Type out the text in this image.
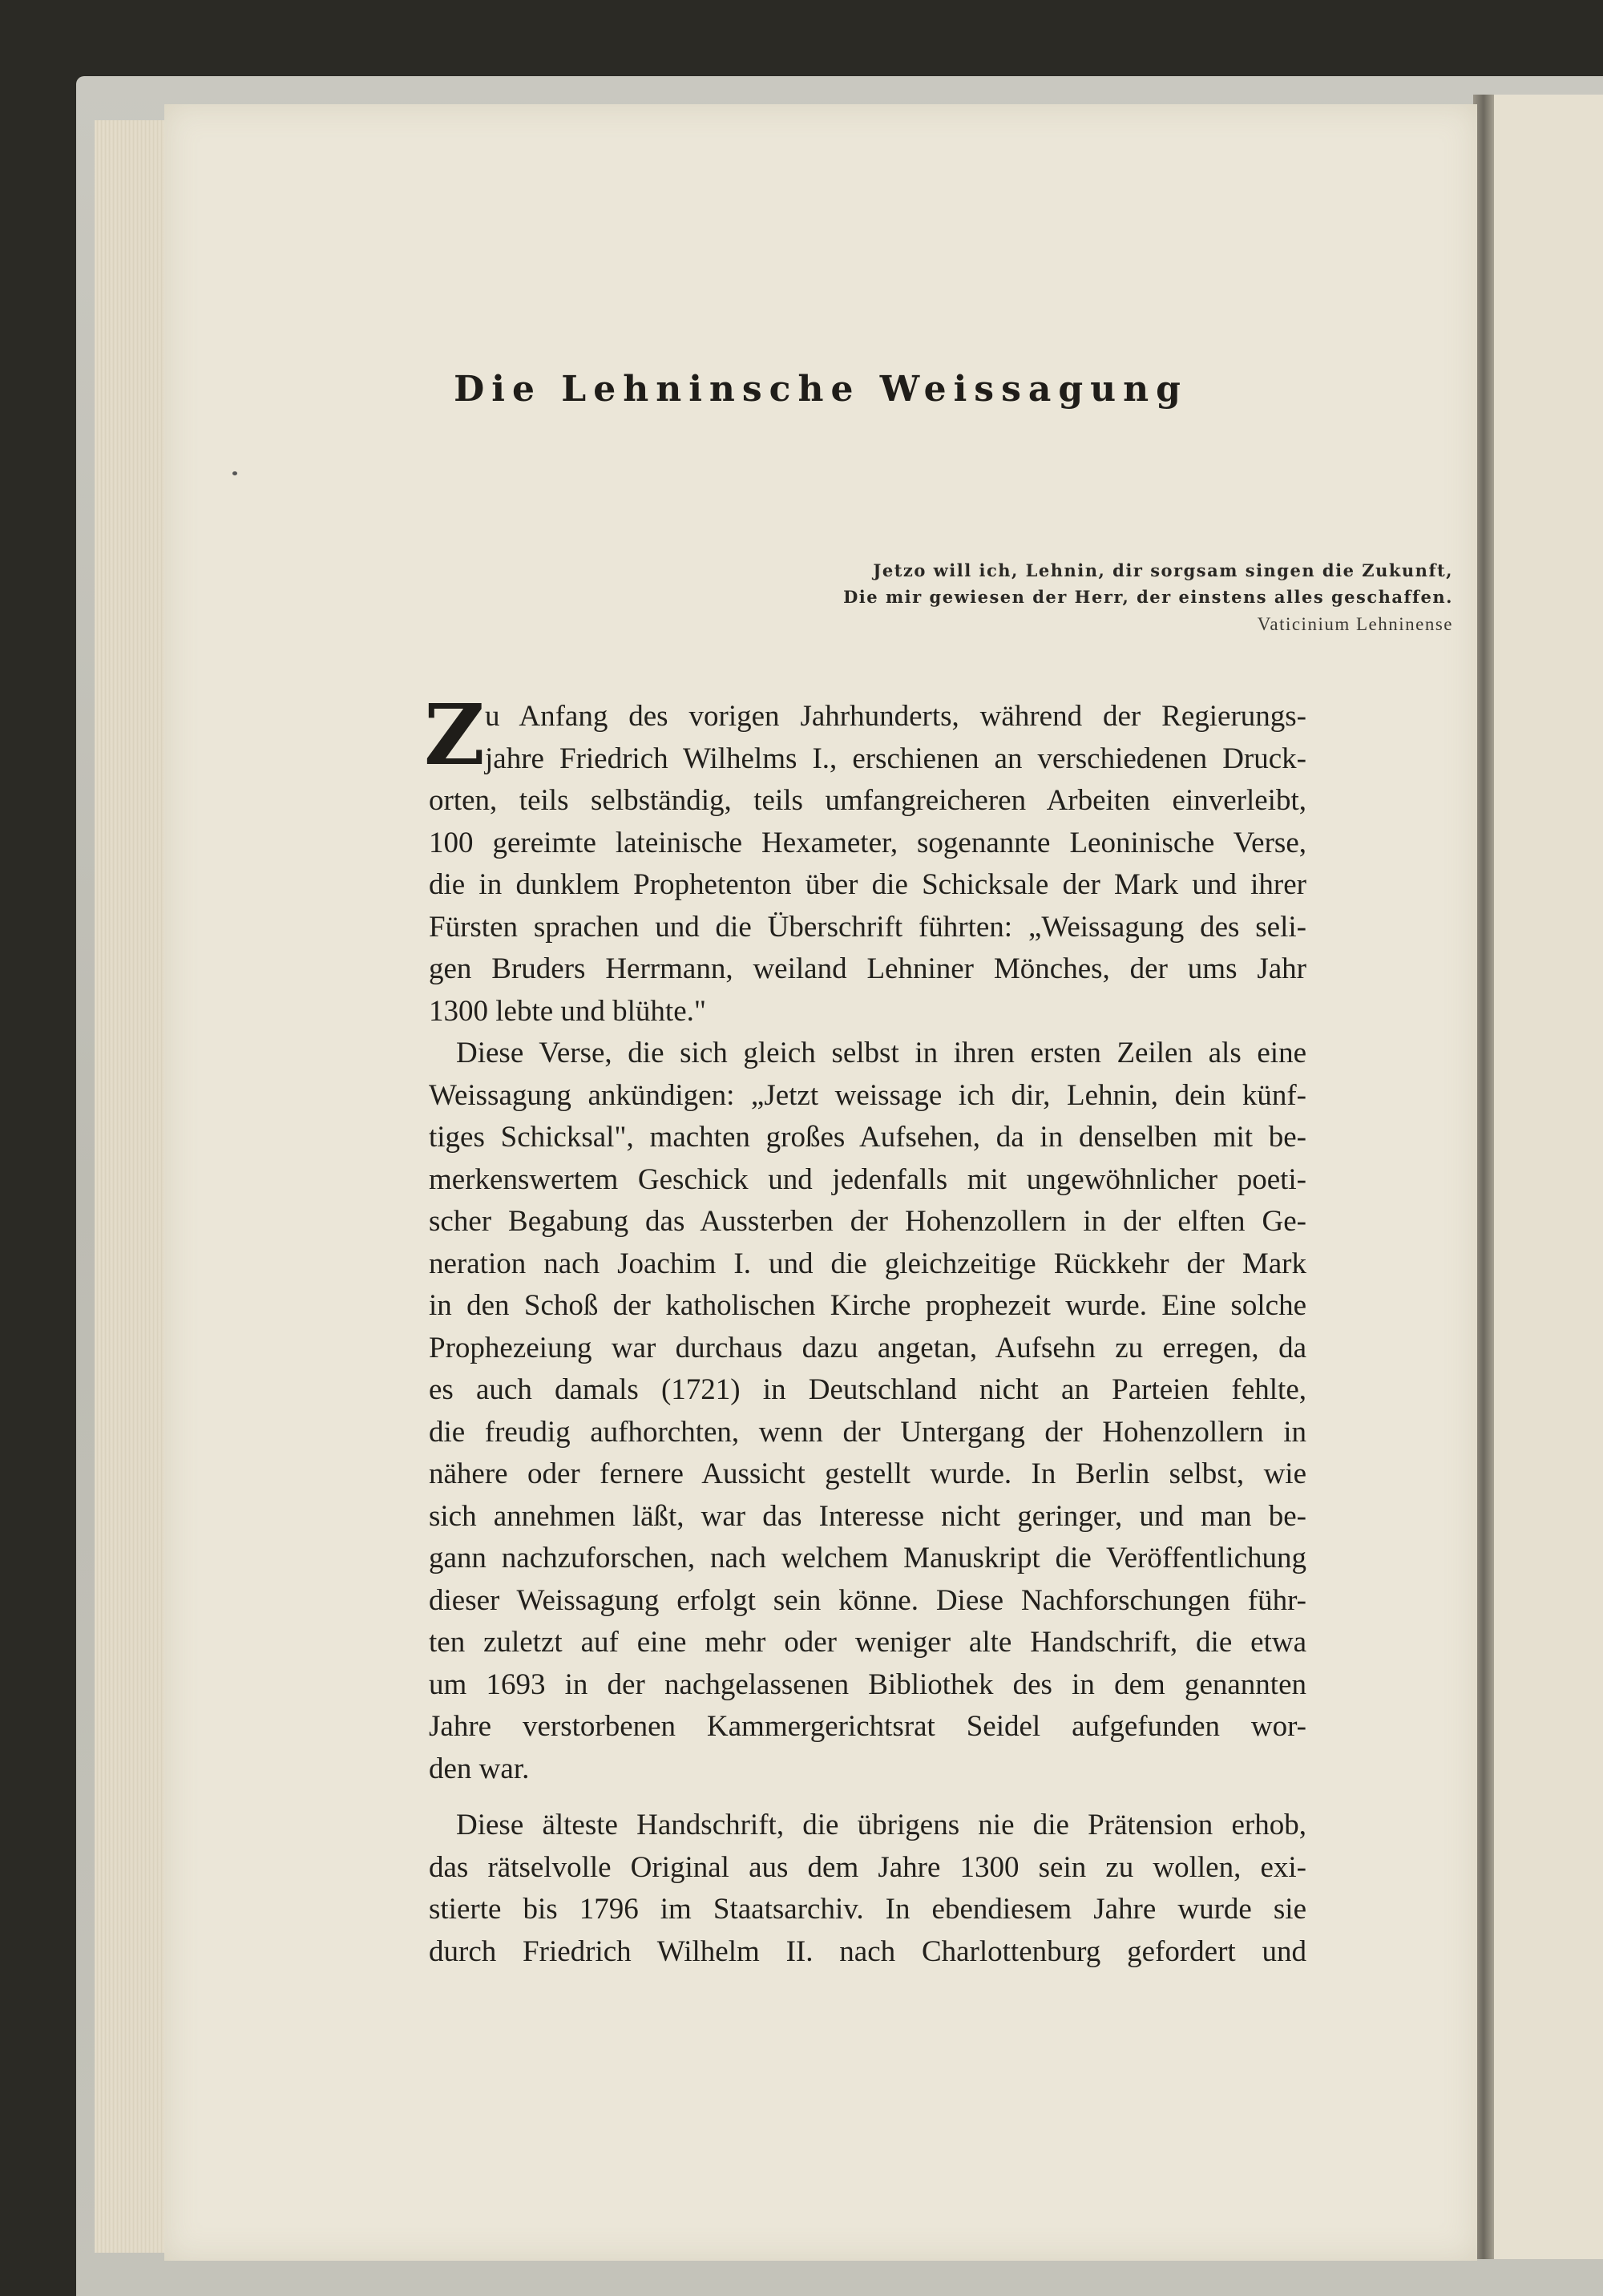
Die Lehninsche Weissagung
Jetzo will ich, Lehnin, dir sorgsam singen die Zukunft,
Die mir gewiesen der Herr, der einstens alles geschaffen.
Vaticinium Lehninense
Z u Anfang des vorigen Jahrhunderts, während der Regierungs-
jahre Friedrich Wilhelms I., erschienen an verschiedenen Druck-
orten, teils selbständig, teils umfangreicheren Arbeiten einverleibt,
100 gereimte lateinische Hexameter, sogenannte Leoninische Verse,
die in dunklem Prophetenton über die Schicksale der Mark und ihrer
Fürsten sprachen und die Überschrift führten: „Weissagung des seli-
gen Bruders Herrmann, weiland Lehniner Mönches, der ums Jahr
1300 lebte und blühte."
Diese Verse, die sich gleich selbst in ihren ersten Zeilen als eine
Weissagung ankündigen: „Jetzt weissage ich dir, Lehnin, dein künf-
tiges Schicksal", machten großes Aufsehen, da in denselben mit be-
merkenswertem Geschick und jedenfalls mit ungewöhnlicher poeti-
scher Begabung das Aussterben der Hohenzollern in der elften Ge-
neration nach Joachim I. und die gleichzeitige Rückkehr der Mark
in den Schoß der katholischen Kirche prophezeit wurde. Eine solche
Prophezeiung war durchaus dazu angetan, Aufsehn zu erregen, da
es auch damals (1721) in Deutschland nicht an Parteien fehlte,
die freudig aufhorchten, wenn der Untergang der Hohenzollern in
nähere oder fernere Aussicht gestellt wurde. In Berlin selbst, wie
sich annehmen läßt, war das Interesse nicht geringer, und man be-
gann nachzuforschen, nach welchem Manuskript die Veröffentlichung
dieser Weissagung erfolgt sein könne. Diese Nachforschungen führ-
ten zuletzt auf eine mehr oder weniger alte Handschrift, die etwa
um 1693 in der nachgelassenen Bibliothek des in dem genannten
Jahre verstorbenen Kammergerichtsrat Seidel aufgefunden wor-
den war.
Diese älteste Handschrift, die übrigens nie die Prätension erhob,
das rätselvolle Original aus dem Jahre 1300 sein zu wollen, exi-
stierte bis 1796 im Staatsarchiv. In ebendiesem Jahre wurde sie
durch Friedrich Wilhelm II. nach Charlottenburg gefordert und
